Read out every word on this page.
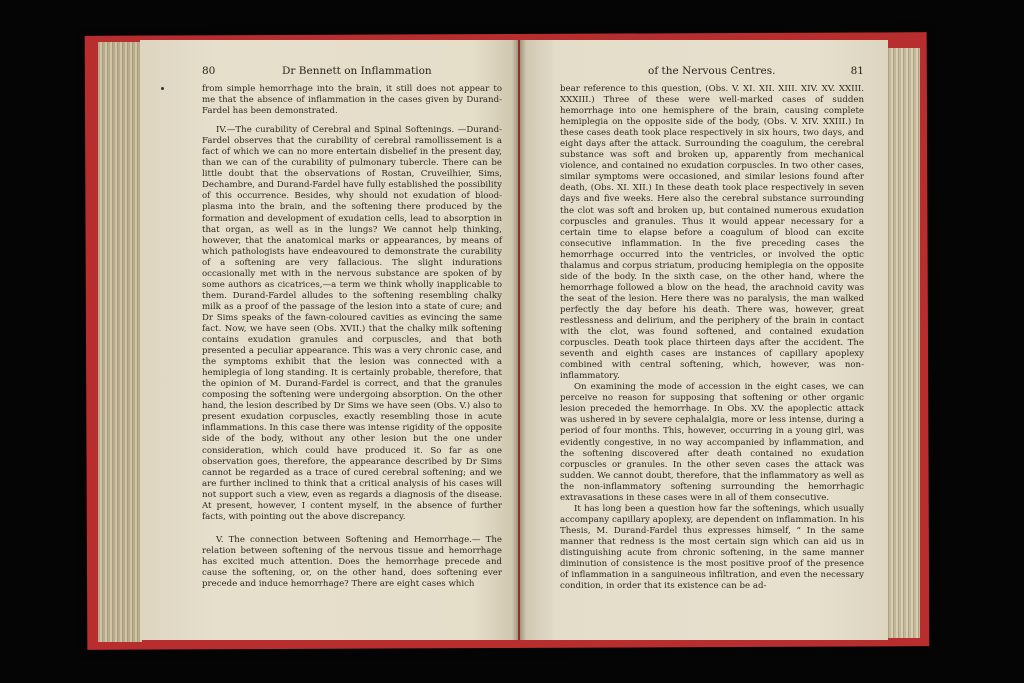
80	Dr Bennett on Inflammation

from simple hemorrhage into the brain, it still does not appear to me that the absence of inflammation in the cases given by Durand-Fardel has been demonstrated.

IV.—The curability of Cerebral and Spinal Softenings. —Durand-Fardel observes that the curability of cerebral ramollissement is a fact of which we can no more entertain disbelief in the present day, than we can of the curability of pulmonary tubercle. There can be little doubt that the observations of Rostan, Cruveilhier, Sims, Dechambre, and Durand-Fardel have fully established the possibility of this occurrence. Besides, why should not exudation of blood-plasma into the brain, and the softening there produced by the formation and development of exudation cells, lead to absorption in that organ, as well as in the lungs? We cannot help thinking, however, that the anatomical marks or appearances, by means of which pathologists have endeavoured to demonstrate the curability of a softening are very fallacious. The slight indurations occasionally met with in the nervous substance are spoken of by some authors as cicatrices,—a term we think wholly inapplicable to them. Durand-Fardel alludes to the softening resembling chalky milk as a proof of the passage of the lesion into a state of cure; and Dr Sims speaks of the fawn-coloured cavities as evincing the same fact. Now, we have seen (Obs. XVII.) that the chalky milk softening contains exudation granules and corpuscles, and that both presented a peculiar appearance. This was a very chronic case, and the symptoms exhibit that the lesion was connected with a hemiplegia of long standing. It is certainly probable, therefore, that the opinion of M. Durand-Fardel is correct, and that the granules composing the softening were undergoing absorption. On the other hand, the lesion described by Dr Sims we have seen (Obs. V.) also to present exudation corpuscles, exactly resembling those in acute inflammations. In this case there was intense rigidity of the opposite side of the body, without any other lesion but the one under consideration, which could have produced it. So far as one observation goes, therefore, the appearance described by Dr Sims cannot be regarded as a trace of cured cerebral softening; and we are further inclined to think that a critical analysis of his cases will not support such a view, even as regards a diagnosis of the disease. At present, however, I content myself, in the absence of further facts, with pointing out the above discrepancy.

V. The connection between Softening and Hemorrhage.— The relation between softening of the nervous tissue and hemorrhage has excited much attention. Does the hemorrhage precede and cause the softening, or, on the other hand, does softening ever precede and induce hemorrhage? There are eight cases which

of the Nervous Centres.	81

bear reference to this question, (Obs. V. XI. XII. XIII. XIV. XV. XXIII. XXXIII.) Three of these were well-marked cases of sudden hemorrhage into one hemisphere of the brain, causing complete hemiplegia on the opposite side of the body, (Obs. V. XIV. XXIII.) In these cases death took place respectively in six hours, two days, and eight days after the attack. Surrounding the coagulum, the cerebral substance was soft and broken up, apparently from mechanical violence, and contained no exudation corpuscles. In two other cases, similar symptoms were occasioned, and similar lesions found after death, (Obs. XI. XII.) In these death took place respectively in seven days and five weeks. Here also the cerebral substance surrounding the clot was soft and broken up, but contained numerous exudation corpuscles and granules. Thus it would appear necessary for a certain time to elapse before a coagulum of blood can excite consecutive inflammation. In the five preceding cases the hemorrhage occurred into the ventricles, or involved the optic thalamus and corpus striatum, producing hemiplegia on the opposite side of the body. In the sixth case, on the other hand, where the hemorrhage followed a blow on the head, the arachnoid cavity was the seat of the lesion. Here there was no paralysis, the man walked perfectly the day before his death. There was, however, great restlessness and delirium, and the periphery of the brain in contact with the clot, was found softened, and contained exudation corpuscles. Death took place thirteen days after the accident. The seventh and eighth cases are instances of capillary apoplexy combined with central softening, which, however, was non-inflammatory.

On examining the mode of accession in the eight cases, we can perceive no reason for supposing that softening or other organic lesion preceded the hemorrhage. In Obs. XV. the apoplectic attack was ushered in by severe cephalalgia, more or less intense, during a period of four months. This, however, occurring in a young girl, was evidently congestive, in no way accompanied by inflammation, and the softening discovered after death contained no exudation corpuscles or granules. In the other seven cases the attack was sudden. We cannot doubt, therefore, that the inflammatory as well as the non-inflammatory softening surrounding the hemorrhagic extravasations in these cases were in all of them consecutive.

It has long been a question how far the softenings, which usually accompany capillary apoplexy, are dependent on inflammation. In his Thesis, M. Durand-Fardel thus expresses himself, “ In the same manner that redness is the most certain sign which can aid us in distinguishing acute from chronic softening, in the same manner diminution of consistence is the most positive proof of the presence of inflammation in a sanguineous infiltration, and even the necessary condition, in order that its existence can be ad-
